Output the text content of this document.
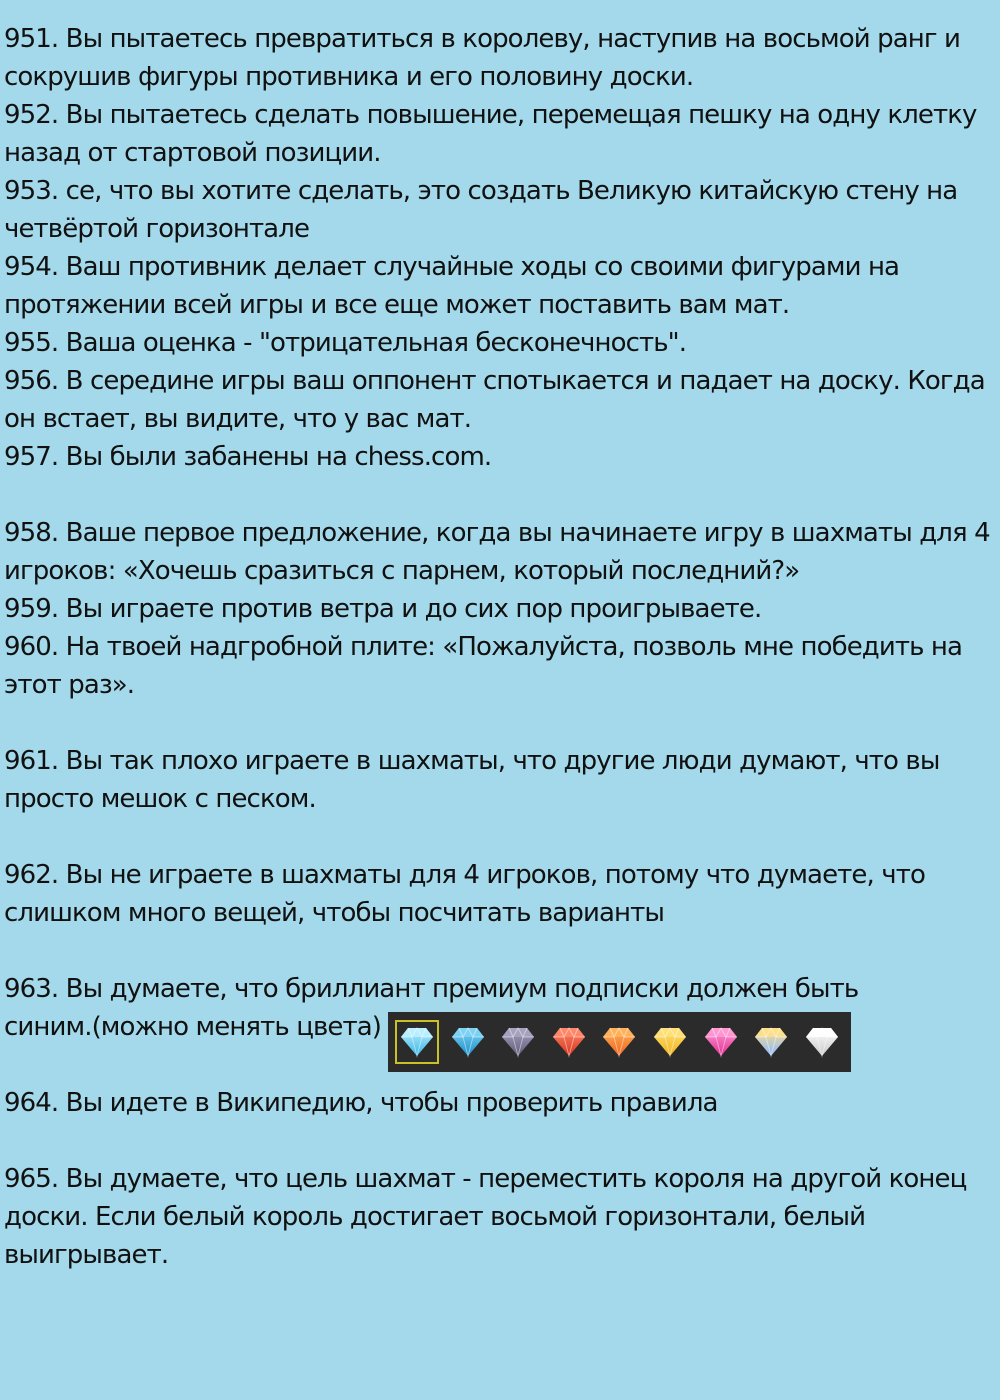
951. Вы пытаетесь превратиться в королеву, наступив на восьмой ранг и
сокрушив фигуры противника и его половину доски.
952. Вы пытаетесь сделать повышение, перемещая пешку на одну клетку
назад от стартовой позиции.
953. се, что вы хотите сделать, это создать Великую китайскую стену на
четвёртой горизонтале
954. Ваш противник делает случайные ходы со своими фигурами на
протяжении всей игры и все еще может поставить вам мат.
955. Ваша оценка - "отрицательная бесконечность".
956. В середине игры ваш оппонент спотыкается и падает на доску. Когда
он встает, вы видите, что у вас мат.
957. Вы были забанены на chess.com.
958. Ваше первое предложение, когда вы начинаете игру в шахматы для 4
игроков: «Хочешь сразиться с парнем, который последний?»
959. Вы играете против ветра и до сих пор проигрываете.
960. На твоей надгробной плите: «Пожалуйста, позволь мне победить на
этот раз».
961. Вы так плохо играете в шахматы, что другие люди думают, что вы
просто мешок с песком.
962. Вы не играете в шахматы для 4 игроков, потому что думаете, что
слишком много вещей, чтобы посчитать варианты
963. Вы думаете, что бриллиант премиум подписки должен быть
синим.(можно менять цвета)
964. Вы идете в Википедию, чтобы проверить правила
965. Вы думаете, что цель шахмат - переместить короля на другой конец
доски. Если белый король достигает восьмой горизонтали, белый
выигрывает.
